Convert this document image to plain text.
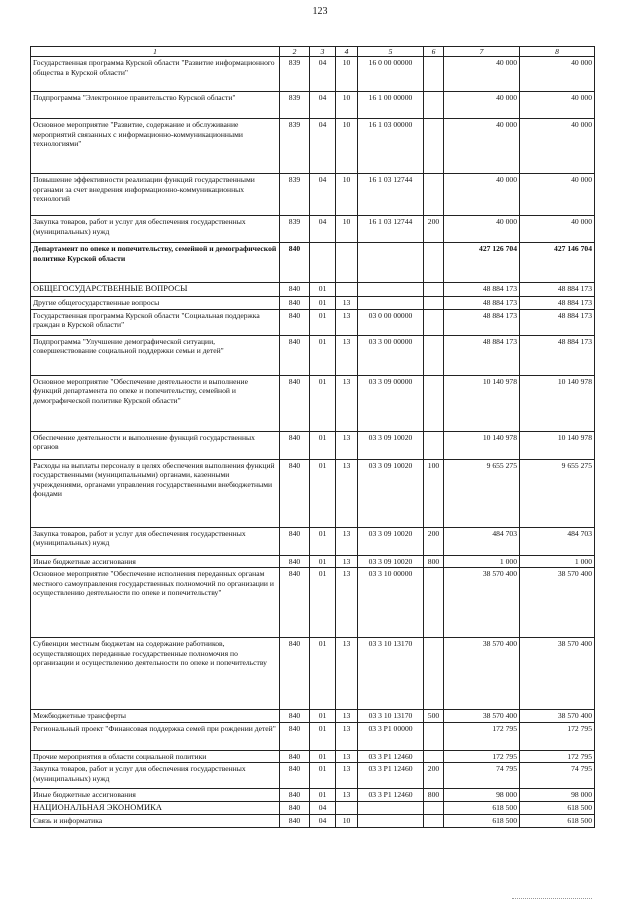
123
1	2	3	4	5	6	7	8
Государственная программа Курской области "Развитие информационного общества в Курской области"	839	04	10	16 0 00 00000		40 000	40 000
Подпрограмма "Электронное правительство Курской области"	839	04	10	16 1 00 00000		40 000	40 000
Основное мероприятие "Развитие, содержание и обслуживание мероприятий связанных с информационно-коммуникационными технологиями"	839	04	10	16 1 03 00000		40 000	40 000
Повышение эффективности реализации функций государственными органами за счет внедрения информационно-коммуникационных технологий	839	04	10	16 1 03 12744		40 000	40 000
Закупка товаров, работ и услуг для обеспечения государственных (муниципальных) нужд	839	04	10	16 1 03 12744	200	40 000	40 000
Департамент по опеке и попечительству, семейной и демографической политике Курской области	840					427 126 704	427 146 704
ОБЩЕГОСУДАРСТВЕННЫЕ ВОПРОСЫ	840	01				48 884 173	48 884 173
Другие общегосударственные вопросы	840	01	13			48 884 173	48 884 173
Государственная программа Курской области "Социальная поддержка граждан в Курской области"	840	01	13	03 0 00 00000		48 884 173	48 884 173
Подпрограмма "Улучшение демографической ситуации, совершенствование социальной поддержки семьи и детей"	840	01	13	03 3 00 00000		48 884 173	48 884 173
Основное мероприятие "Обеспечение деятельности и выполнение функций департамента по опеке и попечительству, семейной и демографической политике Курской области"	840	01	13	03 3 09 00000		10 140 978	10 140 978
Обеспечение деятельности и выполнение функций государственных органов	840	01	13	03 3 09 10020		10 140 978	10 140 978
Расходы на выплаты персоналу в целях обеспечения выполнения функций государственными (муниципальными) органами, казенными учреждениями, органами управления государственными внебюджетными фондами	840	01	13	03 3 09 10020	100	9 655 275	9 655 275
Закупка товаров, работ и услуг для обеспечения государственных (муниципальных) нужд	840	01	13	03 3 09 10020	200	484 703	484 703
Иные бюджетные ассигнования	840	01	13	03 3 09 10020	800	1 000	1 000
Основное мероприятие "Обеспечение исполнения переданных органам местного самоуправления государственных полномочий по организации и осуществлению деятельности по опеке и попечительству"	840	01	13	03 3 10 00000		38 570 400	38 570 400
Субвенции местным бюджетам на содержание работников, осуществляющих переданные государственные полномочия по организации и осуществлению деятельности по опеке и попечительству	840	01	13	03 3 10 13170		38 570 400	38 570 400
Межбюджетные трансферты	840	01	13	03 3 10 13170	500	38 570 400	38 570 400
Региональный проект "Финансовая поддержка семей при рождении детей"	840	01	13	03 3 P1 00000		172 795	172 795
Прочие мероприятия в области социальной политики	840	01	13	03 3 P1 12460		172 795	172 795
Закупка товаров, работ и услуг для обеспечения государственных (муниципальных) нужд	840	01	13	03 3 P1 12460	200	74 795	74 795
Иные бюджетные ассигнования	840	01	13	03 3 P1 12460	800	98 000	98 000
НАЦИОНАЛЬНАЯ ЭКОНОМИКА	840	04				618 500	618 500
Связь и информатика	840	04	10			618 500	618 500
